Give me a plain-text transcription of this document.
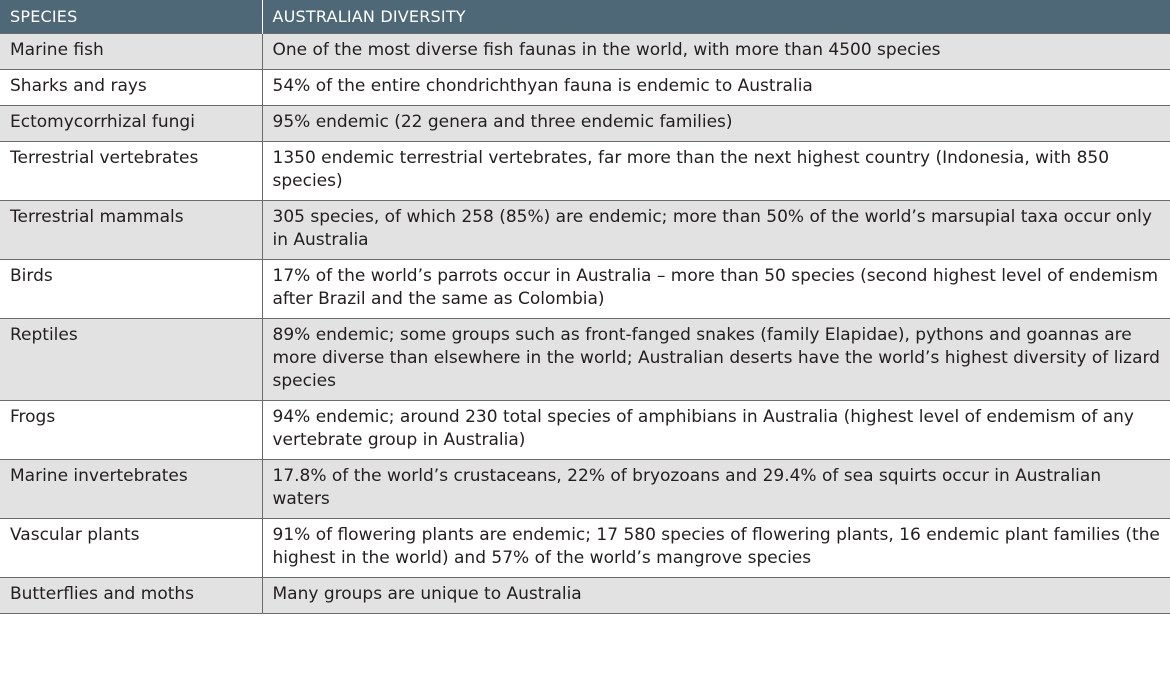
SPECIES	AUSTRALIAN DIVERSITY
Marine fish	One of the most diverse fish faunas in the world, with more than 4500 species
Sharks and rays	54% of the entire chondrichthyan fauna is endemic to Australia
Ectomycorrhizal fungi	95% endemic (22 genera and three endemic families)
Terrestrial vertebrates	1350 endemic terrestrial vertebrates, far more than the next highest country (Indonesia, with 850 species)
Terrestrial mammals	305 species, of which 258 (85%) are endemic; more than 50% of the world’s marsupial taxa occur only in Australia
Birds	17% of the world’s parrots occur in Australia – more than 50 species (second highest level of endemism after Brazil and the same as Colombia)
Reptiles	89% endemic; some groups such as front-fanged snakes (family Elapidae), pythons and goannas are more diverse than elsewhere in the world; Australian deserts have the world’s highest diversity of lizard species
Frogs	94% endemic; around 230 total species of amphibians in Australia (highest level of endemism of any vertebrate group in Australia)
Marine invertebrates	17.8% of the world’s crustaceans, 22% of bryozoans and 29.4% of sea squirts occur in Australian waters
Vascular plants	91% of flowering plants are endemic; 17 580 species of flowering plants, 16 endemic plant families (the highest in the world) and 57% of the world’s mangrove species
Butterflies and moths	Many groups are unique to Australia
